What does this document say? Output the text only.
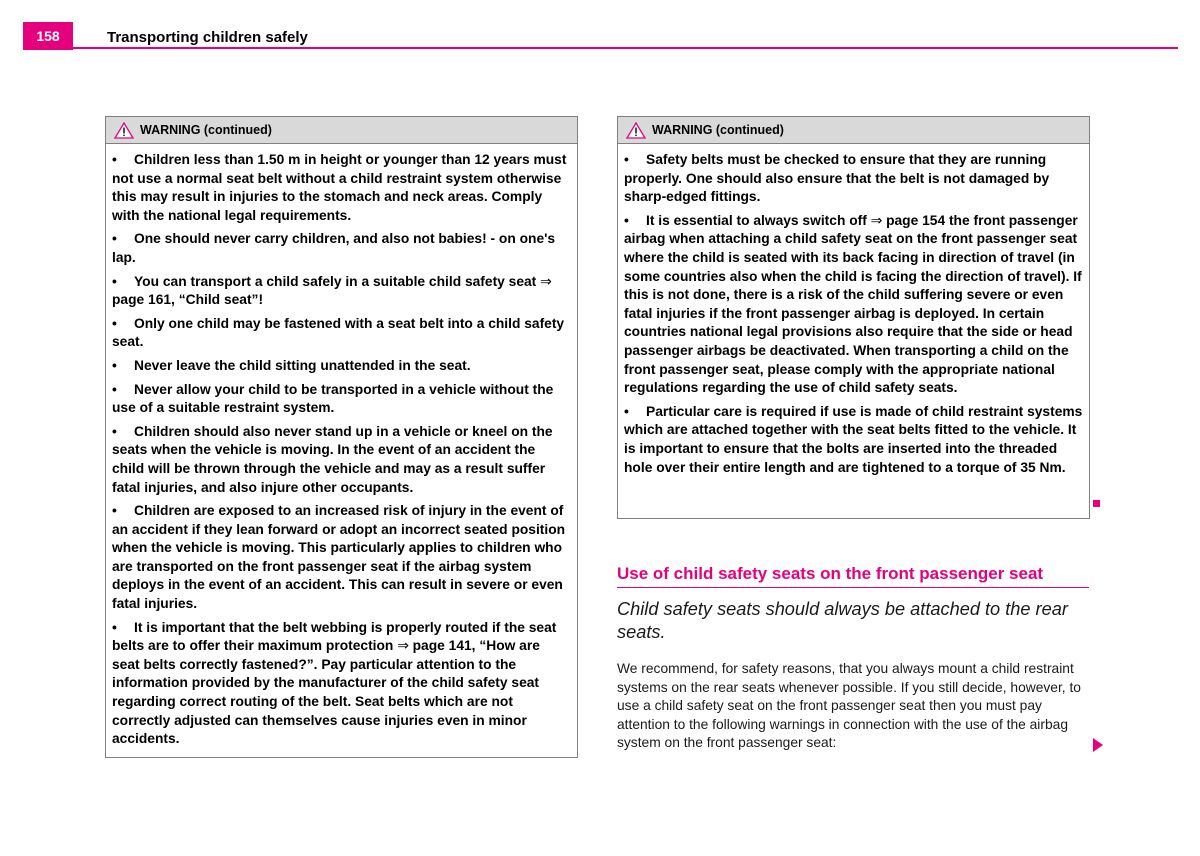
158	Transporting children safely
WARNING (continued)

• Children less than 1.50 m in height or younger than 12 years must not use a normal seat belt without a child restraint system otherwise this may result in injuries to the stomach and neck areas. Comply with the national legal requirements.

• One should never carry children, and also not babies! - on one's lap.

• You can transport a child safely in a suitable child safety seat ⇒ page 161, “Child seat”!

• Only one child may be fastened with a seat belt into a child safety seat.

• Never leave the child sitting unattended in the seat.

• Never allow your child to be transported in a vehicle without the use of a suitable restraint system.

• Children should also never stand up in a vehicle or kneel on the seats when the vehicle is moving. In the event of an accident the child will be thrown through the vehicle and may as a result suffer fatal injuries, and also injure other occupants.

• Children are exposed to an increased risk of injury in the event of an accident if they lean forward or adopt an incorrect seated position when the vehicle is moving. This particularly applies to children who are transported on the front passenger seat if the airbag system deploys in the event of an accident. This can result in severe or even fatal injuries.

• It is important that the belt webbing is properly routed if the seat belts are to offer their maximum protection ⇒ page 141, “How are seat belts correctly fastened?”. Pay particular attention to the information provided by the manufacturer of the child safety seat regarding correct routing of the belt. Seat belts which are not correctly adjusted can themselves cause injuries even in minor accidents.

WARNING (continued)

• Safety belts must be checked to ensure that they are running properly. One should also ensure that the belt is not damaged by sharp-edged fittings.

• It is essential to always switch off ⇒ page 154 the front passenger airbag when attaching a child safety seat on the front passenger seat where the child is seated with its back facing in direction of travel (in some countries also when the child is facing the direction of travel). If this is not done, there is a risk of the child suffering severe or even fatal injuries if the front passenger airbag is deployed. In certain countries national legal provisions also require that the side or head passenger airbags be deactivated. When transporting a child on the front passenger seat, please comply with the appropriate national regulations regarding the use of child safety seats.

• Particular care is required if use is made of child restraint systems which are attached together with the seat belts fitted to the vehicle. It is important to ensure that the bolts are inserted into the threaded hole over their entire length and are tightened to a torque of 35 Nm.

Use of child safety seats on the front passenger seat
Child safety seats should always be attached to the rear seats.
We recommend, for safety reasons, that you always mount a child restraint systems on the rear seats whenever possible. If you still decide, however, to use a child safety seat on the front passenger seat then you must pay attention to the following warnings in connection with the use of the airbag system on the front passenger seat:
